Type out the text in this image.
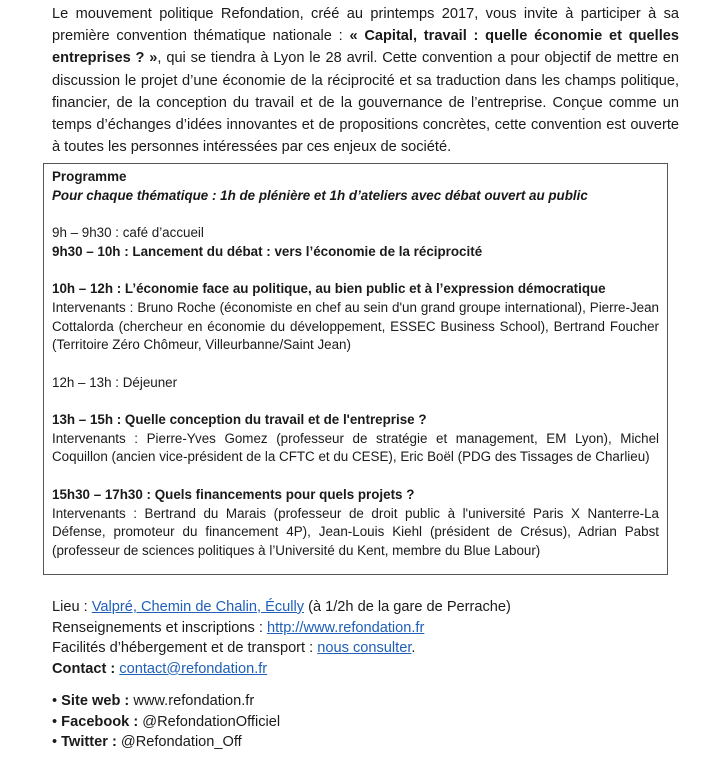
Le mouvement politique Refondation, créé au printemps 2017, vous invite à participer à sa première convention thématique nationale : « Capital, travail : quelle économie et quelles entreprises ? », qui se tiendra à Lyon le 28 avril. Cette convention a pour objectif de mettre en discussion le projet d’une économie de la réciprocité et sa traduction dans les champs politique, financier, de la conception du travail et de la gouvernance de l’entreprise. Conçue comme un temps d’échanges d’idées innovantes et de propositions concrètes, cette convention est ouverte à toutes les personnes intéressées par ces enjeux de société.

Programme

Pour chaque thématique : 1h de plénière et 1h d’ateliers avec débat ouvert au public

9h – 9h30 : café d’accueil

9h30 – 10h : Lancement du débat : vers l’économie de la réciprocité

10h – 12h : L’économie face au politique, au bien public et à l’expression démocratique

Intervenants : Bruno Roche (économiste en chef au sein d'un grand groupe international), Pierre-Jean Cottalorda (chercheur en économie du développement, ESSEC Business School), Bertrand Foucher (Territoire Zéro Chômeur, Villeurbanne/Saint Jean)

12h – 13h : Déjeuner

13h – 15h : Quelle conception du travail et de l'entreprise ?

Intervenants : Pierre-Yves Gomez (professeur de stratégie et management, EM Lyon), Michel Coquillon (ancien vice-président de la CFTC et du CESE), Eric Boël (PDG des Tissages de Charlieu)

15h30 – 17h30 : Quels financements pour quels projets ?

Intervenants : Bertrand du Marais (professeur de droit public à l'université Paris X Nanterre-La Défense, promoteur du financement 4P), Jean-Louis Kiehl (président de Crésus), Adrian Pabst (professeur de sciences politiques à l’Université du Kent, membre du Blue Labour)

Lieu : Valpré, Chemin de Chalin, Écully (à 1/2h de la gare de Perrache)

Renseignements et inscriptions : http://www.refondation.fr

Facilités d’hébergement et de transport : nous consulter.

Contact : contact@refondation.fr

• Site web : www.refondation.fr

• Facebook : @RefondationOfficiel

• Twitter : @Refondation_Off
